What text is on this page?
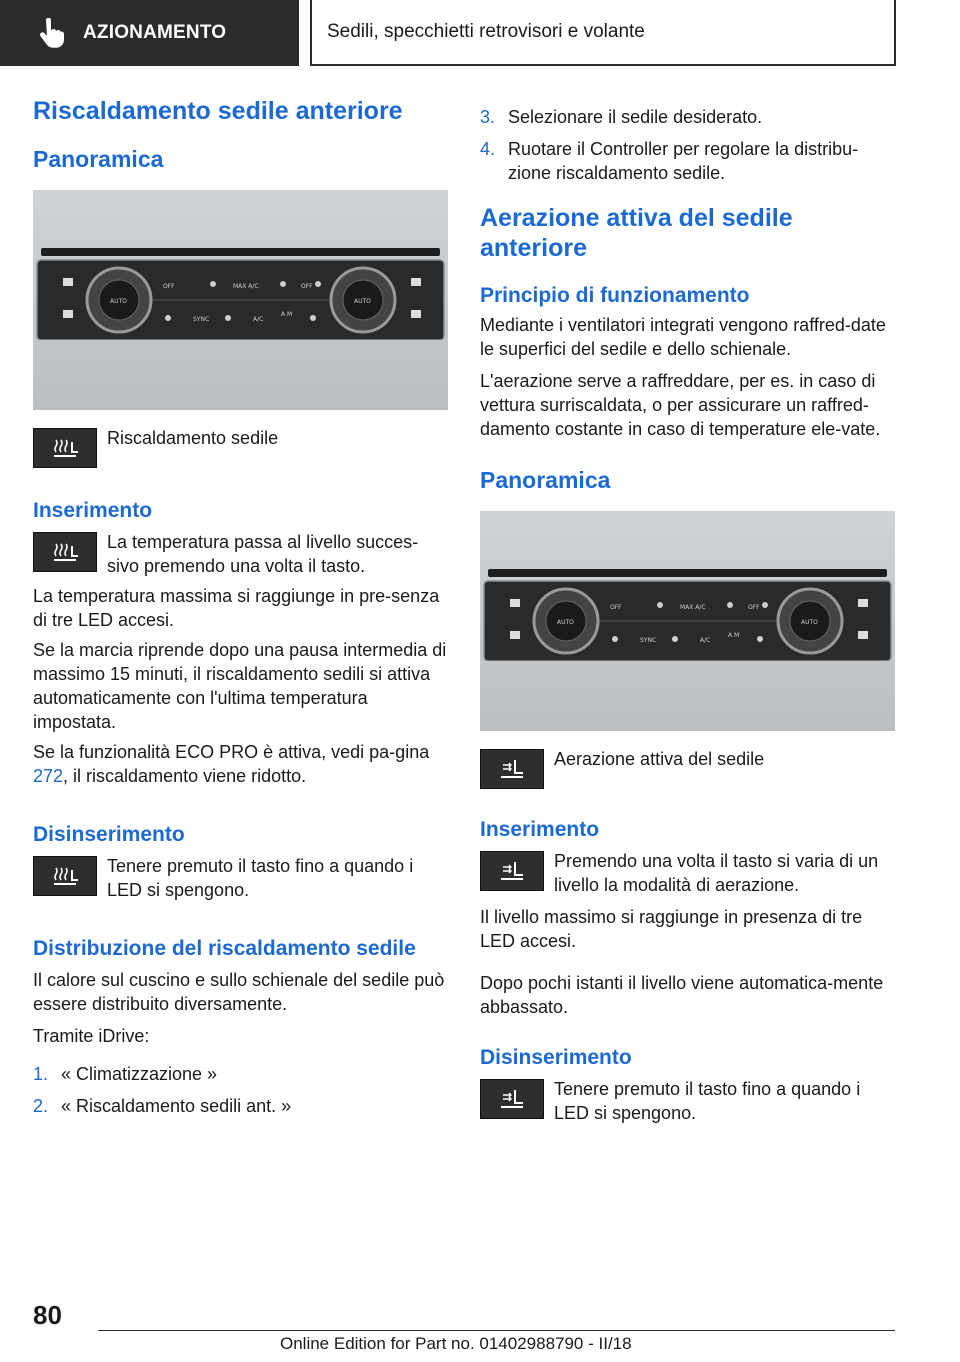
AZIONAMENTO	Sedili, specchietti retrovisori e volante
Riscaldamento sedile anteriore
Panoramica
AUTO	AUTO
OFF	MAX A/C	OFF
SYNC	A/C
A M

Riscaldamento sedile

Inserimento

La temperatura passa al livello succes-sivo premendo una volta il tasto.

La temperatura massima si raggiunge in pre-senza di tre LED accesi.

Se la marcia riprende dopo una pausa intermedia di massimo 15 minuti, il riscaldamento sedili si attiva automaticamente con l'ultima temperatura impostata.

Se la funzionalità ECO PRO è attiva, vedi pa-gina 272, il riscaldamento viene ridotto.

Disinserimento

Tenere premuto il tasto fino a quando i LED si spengono.

Distribuzione del riscaldamento sedile

Il calore sul cuscino e sullo schienale del sedile può essere distribuito diversamente.

Tramite iDrive:

1. « Climatizzazione »
2. « Riscaldamento sedili ant. »
3. Selezionare il sedile desiderato.
4. Ruotare il Controller per regolare la distribu-zione riscaldamento sedile.
Aerazione attiva del sedile anteriore
Principio di funzionamento

Mediante i ventilatori integrati vengono raffred-date le superfici del sedile e dello schienale.

L'aerazione serve a raffreddare, per es. in caso di vettura surriscaldata, o per assicurare un raffred-damento costante in caso di temperature ele-vate.

Panoramica
AUTO	AUTO
OFF	MAX A/C	OFF
SYNC	A/C
A M

Aerazione attiva del sedile

Inserimento

Premendo una volta il tasto si varia di un livello la modalità di aerazione.

Il livello massimo si raggiunge in presenza di tre LED accesi.

Dopo pochi istanti il livello viene automatica-mente abbassato.

Disinserimento

Tenere premuto il tasto fino a quando i LED si spengono.

80
Online Edition for Part no. 01402988790 - II/18
